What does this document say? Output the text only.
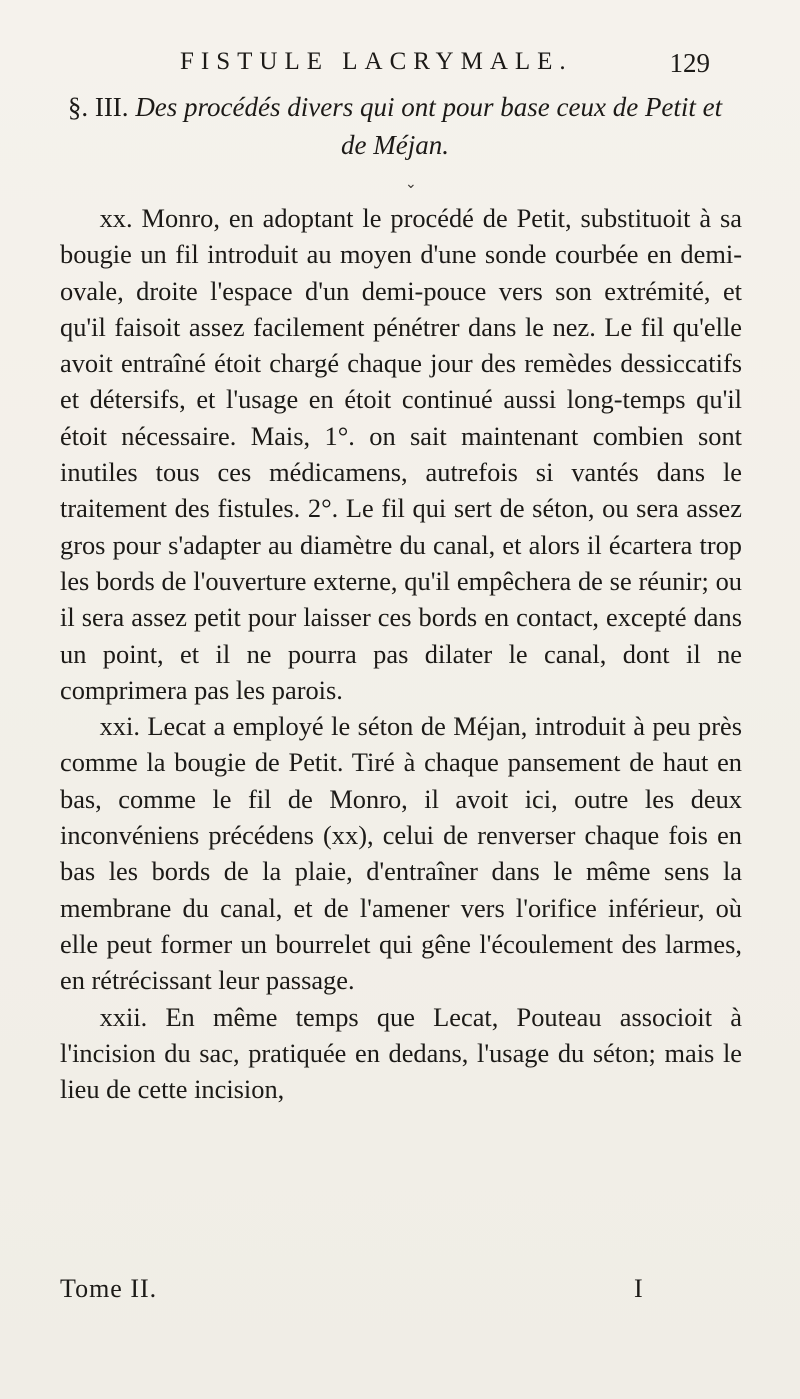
FISTULE LACRYMALE.	129
§. III. Des procédés divers qui ont pour base ceux de Petit et de Méjan.
⌄

xx. Monro, en adoptant le procédé de Petit, substituoit à sa bougie un fil introduit au moyen d'une sonde courbée en demi-ovale, droite l'espace d'un demi-pouce vers son extrémité, et qu'il faisoit assez facilement pénétrer dans le nez. Le fil qu'elle avoit entraîné étoit chargé chaque jour des remèdes dessiccatifs et détersifs, et l'usage en étoit continué aussi long-temps qu'il étoit nécessaire. Mais, 1°. on sait maintenant combien sont inutiles tous ces médicamens, autrefois si vantés dans le traitement des fistules. 2°. Le fil qui sert de séton, ou sera assez gros pour s'adapter au diamètre du canal, et alors il écartera trop les bords de l'ouverture externe, qu'il empêchera de se réunir; ou il sera assez petit pour laisser ces bords en contact, excepté dans un point, et il ne pourra pas dilater le canal, dont il ne comprimera pas les parois.

xxi. Lecat a employé le séton de Méjan, introduit à peu près comme la bougie de Petit. Tiré à chaque pansement de haut en bas, comme le fil de Monro, il avoit ici, outre les deux inconvéniens précédens (xx), celui de renverser chaque fois en bas les bords de la plaie, d'entraîner dans le même sens la membrane du canal, et de l'amener vers l'orifice inférieur, où elle peut former un bourrelet qui gêne l'écoulement des larmes, en rétrécissant leur passage.

xxii. En même temps que Lecat, Pouteau associoit à l'incision du sac, pratiquée en dedans, l'usage du séton; mais le lieu de cette incision,

Tome II.	I
